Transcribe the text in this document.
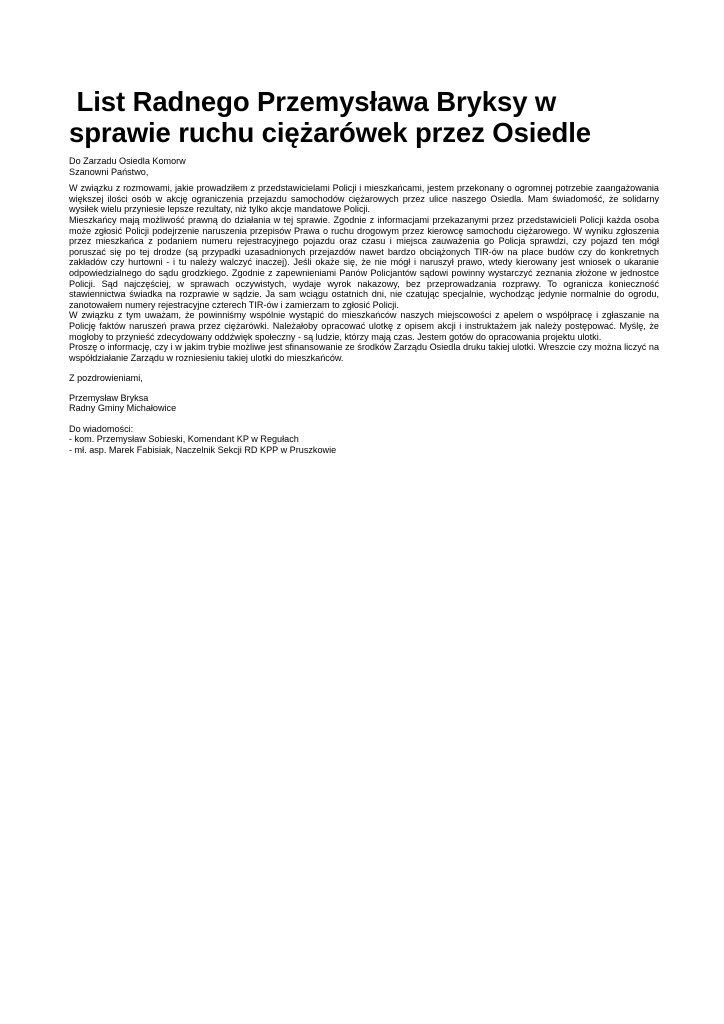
List Radnego Przemysława Bryksy w sprawie ruchu ciężarówek przez Osiedle
Do Zarzadu Osiedla Komorw
Szanowni Państwo,
W związku z rozmowami, jakie prowadziłem z przedstawicielami Policji i mieszkańcami, jestem przekonany o ogromnej potrzebie zaangażowania większej ilości osób w akcję ograniczenia przejazdu samochodów ciężarowych przez ulice naszego Osiedla. Mam świadomość, że solidarny wysiłek wielu przyniesie lepsze rezultaty, niż tylko akcje mandatowe Policji.
Mieszkańcy mają możliwość prawną do działania w tej sprawie. Zgodnie z informacjami przekazanymi przez przedstawicieli Policji każda osoba może zgłosić Policji podejrzenie naruszenia przepisów Prawa o ruchu drogowym przez kierowcę samochodu ciężarowego. W wyniku zgłoszenia przez mieszkańca z podaniem numeru rejestracyjnego pojazdu oraz czasu i miejsca zauważenia go Policja sprawdzi, czy pojazd ten mógł poruszać się po tej drodze (są przypadki uzasadnionych przejazdów nawet bardzo obciążonych TIR-ów na place budów czy do konkretnych zakładów czy hurtowni - i tu należy walczyć inaczej). Jeśli okaże się, że nie mógł i naruszył prawo, wtedy kierowany jest wniosek o ukaranie odpowiedzialnego do sądu grodzkiego. Zgodnie z zapewnieniami Panów Policjantów sądowi powinny wystarczyć zeznania złożone w jednostce Policji. Sąd najczęściej, w sprawach oczywistych, wydaje wyrok nakazowy, bez przeprowadzania rozprawy. To ogranicza konieczność stawiennictwa świadka na rozprawie w sądzie. Ja sam wciągu ostatnich dni, nie czatując specjalnie, wychodząc jedynie normalnie do ogrodu, zanotowałem numery rejestracyjne czterech TIR-ów i zamierzam to zgłosić Policji.
W związku z tym uważam, że powinniśmy wspólnie wystąpić do mieszkańców naszych miejscowości z apelem o współpracę i zgłaszanie na Policję faktów naruszeń prawa przez ciężarówki. Należałoby opracować ulotkę z opisem akcji i instruktażem jak należy postępować. Myślę, że mogłoby to przynieść zdecydowany oddźwięk społeczny - są ludzie, którzy mają czas. Jestem gotów do opracowania projektu ulotki.
Proszę o informację, czy i w jakim trybie możliwe jest sfinansowanie ze środków Zarządu Osiedla druku takiej ulotki. Wreszcie czy można liczyć na współdziałanie Zarządu w rozniesieniu takiej ulotki do mieszkańców.
Z pozdrowieniami,
Przemysław Bryksa
Radny Gminy Michałowice
Do wiadomości:
- kom. Przemysław Sobieski, Komendant KP w Regułach
- mł. asp. Marek Fabisiak, Naczelnik Sekcji RD KPP w Pruszkowie
